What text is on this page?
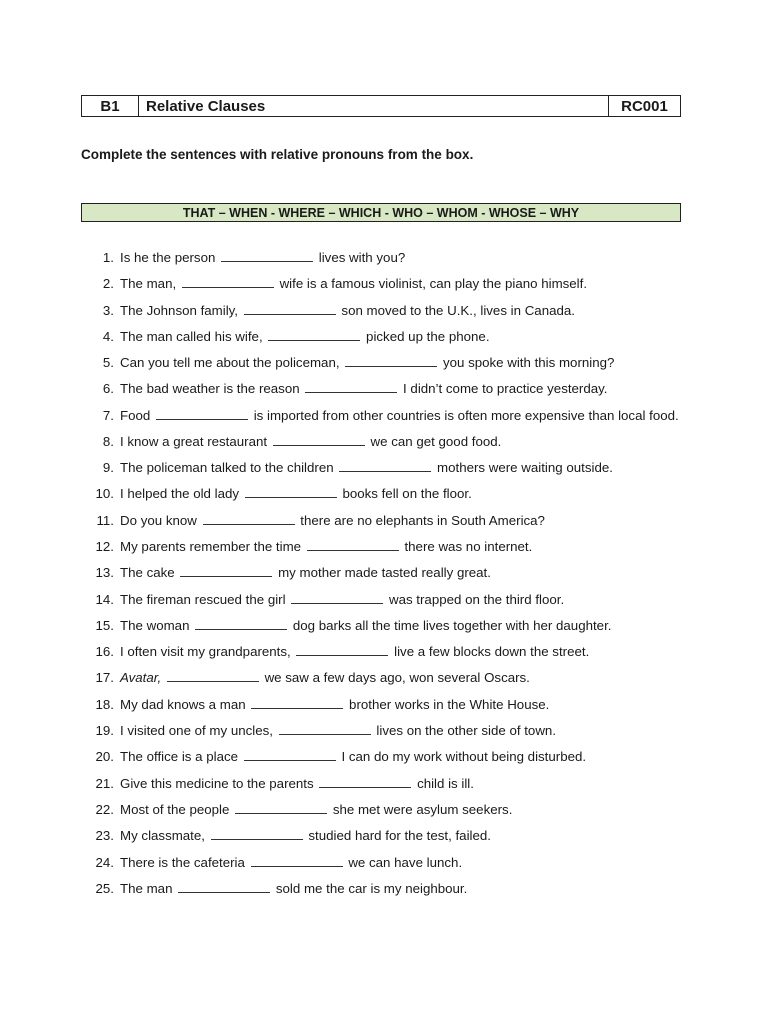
B1	Relative Clauses	RC001
Complete the sentences with relative pronouns from the box.
THAT – WHEN - WHERE – WHICH - WHO – WHOM - WHOSE – WHY
1. Is he the person	lives with you?
2. The man,	wife is a famous violinist, can play the piano himself.
3. The Johnson family,	son moved to the U.K., lives in Canada.
4. The man called his wife,	picked up the phone.
5. Can you tell me about the policeman,	you spoke with this morning?
6. The bad weather is the reason	I didn’t come to practice yesterday.
7. Food	is imported from other countries is often more expensive than local food.
8. I know a great restaurant	we can get good food.
9. The policeman talked to the children	mothers were waiting outside.
10. I helped the old lady	books fell on the floor.
11. Do you know	there are no elephants in South America?
12. My parents remember the time	there was no internet.
13. The cake	my mother made tasted really great.
14. The fireman rescued the girl	was trapped on the third floor.
15. The woman	dog barks all the time lives together with her daughter.
16. I often visit my grandparents,	live a few blocks down the street.
17. Avatar,	we saw a few days ago, won several Oscars.
18. My dad knows a man	brother works in the White House.
19. I visited one of my uncles,	lives on the other side of town.
20. The office is a place	I can do my work without being disturbed.
21. Give this medicine to the parents	child is ill.
22. Most of the people	she met were asylum seekers.
23. My classmate,	studied hard for the test, failed.
24. There is the cafeteria	we can have lunch.
25. The man	sold me the car is my neighbour.
